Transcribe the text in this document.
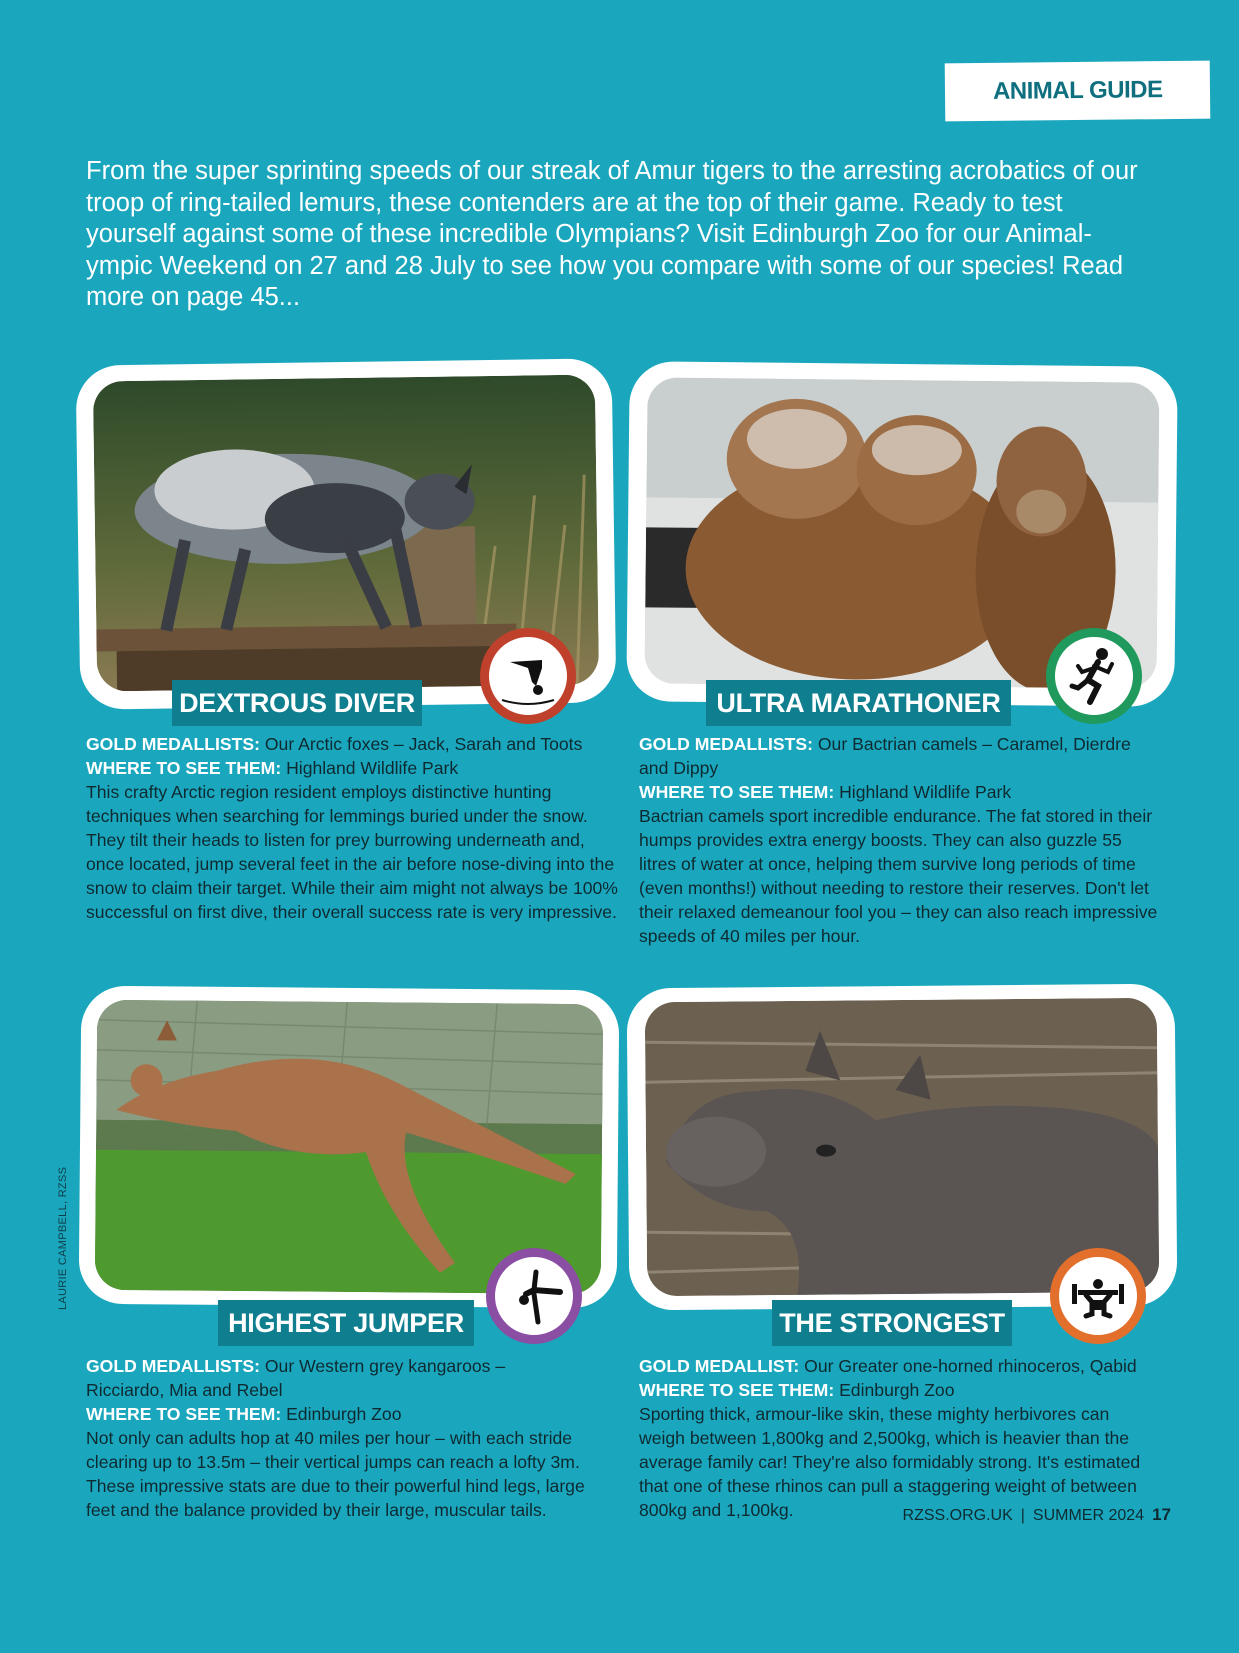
ANIMAL GUIDE

From the super sprinting speeds of our streak of Amur tigers to the arresting acrobatics of our troop of ring-tailed lemurs, these contenders are at the top of their game. Ready to test yourself against some of these incredible Olympians? Visit Edinburgh Zoo for our Animal-ympic Weekend on 27 and 28 July to see how you compare with some of our species! Read more on page 45...

DEXTROUS DIVER
GOLD MEDALLISTS: Our Arctic foxes – Jack, Sarah and Toots
WHERE TO SEE THEM: Highland Wildlife Park
This crafty Arctic region resident employs distinctive hunting techniques when searching for lemmings buried under the snow. They tilt their heads to listen for prey burrowing underneath and, once located, jump several feet in the air before nose-diving into the snow to claim their target. While their aim might not always be 100% successful on first dive, their overall success rate is very impressive.
ULTRA MARATHONER
GOLD MEDALLISTS: Our Bactrian camels – Caramel, Dierdre and Dippy
WHERE TO SEE THEM: Highland Wildlife Park
Bactrian camels sport incredible endurance. The fat stored in their humps provides extra energy boosts. They can also guzzle 55 litres of water at once, helping them survive long periods of time (even months!) without needing to restore their reserves. Don't let their relaxed demeanour fool you – they can also reach impressive speeds of 40 miles per hour.
HIGHEST JUMPER
GOLD MEDALLISTS: Our Western grey kangaroos – Ricciardo, Mia and Rebel
WHERE TO SEE THEM: Edinburgh Zoo
Not only can adults hop at 40 miles per hour – with each stride clearing up to 13.5m – their vertical jumps can reach a lofty 3m. These impressive stats are due to their powerful hind legs, large feet and the balance provided by their large, muscular tails.
THE STRONGEST
GOLD MEDALLIST: Our Greater one-horned rhinoceros, Qabid
WHERE TO SEE THEM: Edinburgh Zoo
Sporting thick, armour-like skin, these mighty herbivores can weigh between 1,800kg and 2,500kg, which is heavier than the average family car! They're also formidably strong. It's estimated that one of these rhinos can pull a staggering weight of between 800kg and 1,100kg.
LAURIE CAMPBELL, RZSS
RZSS.ORG.UK | SUMMER 2024 17
